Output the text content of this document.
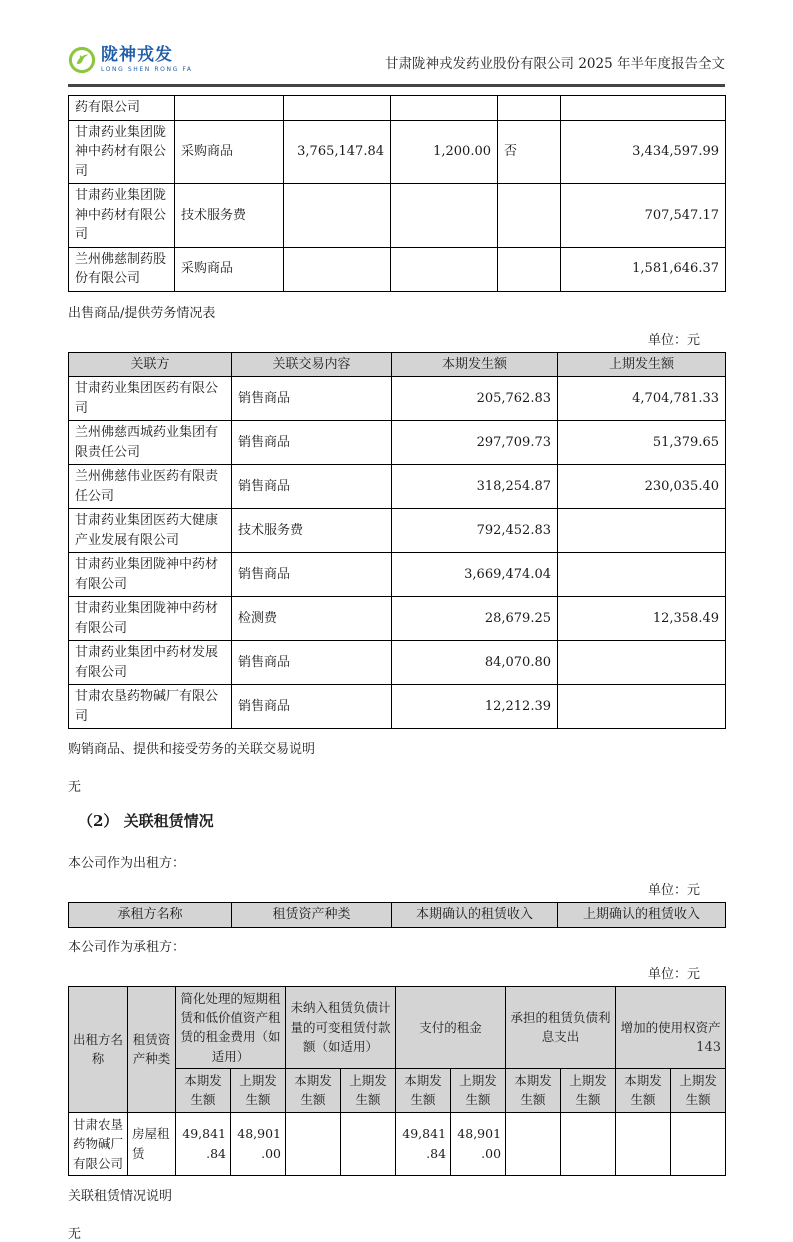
陇神戎发
LONG SHEN RONG FA	甘肃陇神戎发药业股份有限公司 2025 年半年度报告全文
药有限公司					
甘肃药业集团陇神中药材有限公司	采购商品	3,765,147.84	1,200.00	否	3,434,597.99
甘肃药业集团陇神中药材有限公司	技术服务费				707,547.17
兰州佛慈制药股份有限公司	采购商品				1,581,646.37
出售商品/提供劳务情况表
单位：元
关联方	关联交易内容	本期发生额	上期发生额
甘肃药业集团医药有限公司	销售商品	205,762.83	4,704,781.33
兰州佛慈西城药业集团有限责任公司	销售商品	297,709.73	51,379.65
兰州佛慈伟业医药有限责任公司	销售商品	318,254.87	230,035.40
甘肃药业集团医药大健康产业发展有限公司	技术服务费	792,452.83	
甘肃药业集团陇神中药材有限公司	销售商品	3,669,474.04	
甘肃药业集团陇神中药材有限公司	检测费	28,679.25	12,358.49
甘肃药业集团中药材发展有限公司	销售商品	84,070.80	
甘肃农垦药物碱厂有限公司	销售商品	12,212.39	
购销商品、提供和接受劳务的关联交易说明
无
（2） 关联租赁情况
本公司作为出租方：
单位：元
承租方名称	租赁资产种类	本期确认的租赁收入	上期确认的租赁收入
本公司作为承租方：
单位：元
出租方名称	租赁资产种类	简化处理的短期租赁和低价值资产租赁的租金费用（如适用）		未纳入租赁负债计量的可变租赁付款额（如适用）		支付的租金		承担的租赁负债利息支出		增加的使用权资产	
		本期发生额	上期发生额	本期发生额	上期发生额	本期发生额	上期发生额	本期发生额	上期发生额	本期发生额	上期发生额
甘肃农垦药物碱厂有限公司	房屋租赁	49,841.84	48,901.00			49,841.84	48,901.00				
关联租赁情况说明
无
143
